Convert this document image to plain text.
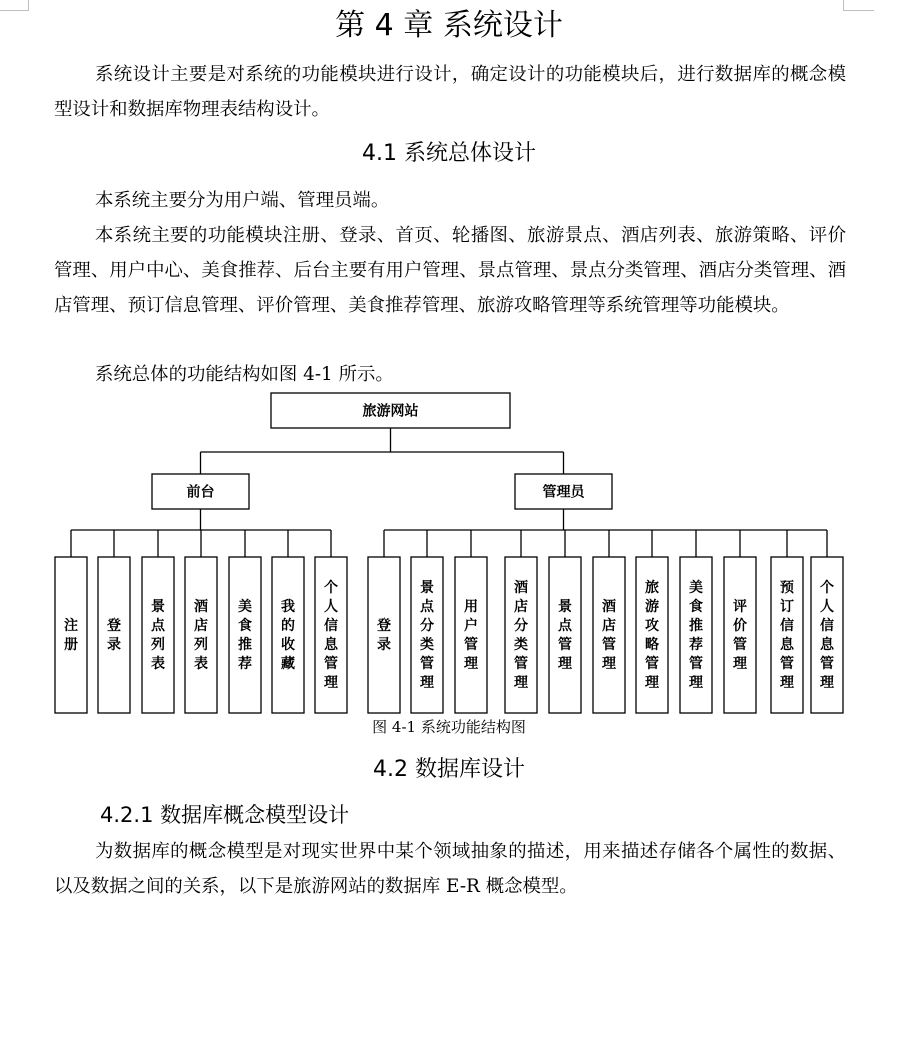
第 4 章 系统设计

系统设计主要是对系统的功能模块进行设计，确定设计的功能模块后，进行数据库的概念模型设计和数据库物理表结构设计。

4.1 系统总体设计

本系统主要分为用户端、管理员端。

本系统主要的功能模块注册、登录、首页、轮播图、旅游景点、酒店列表、旅游策略、评价管理、用户中心、美食推荐、后台主要有用户管理、景点管理、景点分类管理、酒店分类管理、酒店管理、预订信息管理、评价管理、美食推荐管理、旅游攻略管理等系统管理等功能模块。

系统总体的功能结构如图 4-1 所示。

旅游网站
前台	管理员
注册
登录
景点列表
酒店列表
美食推荐
我的收藏
个人信息管理
登录
景点分类管理
用户管理
酒店分类管理
景点管理
酒店管理
旅游攻略管理
美食推荐管理
评价管理
预订信息管理
个人信息管理
图 4-1 系统功能结构图
4.2 数据库设计
4.2.1 数据库概念模型设计

为数据库的概念模型是对现实世界中某个领域抽象的描述，用来描述存储各个属性的数据、以及数据之间的关系，以下是旅游网站的数据库 E-R 概念模型。
